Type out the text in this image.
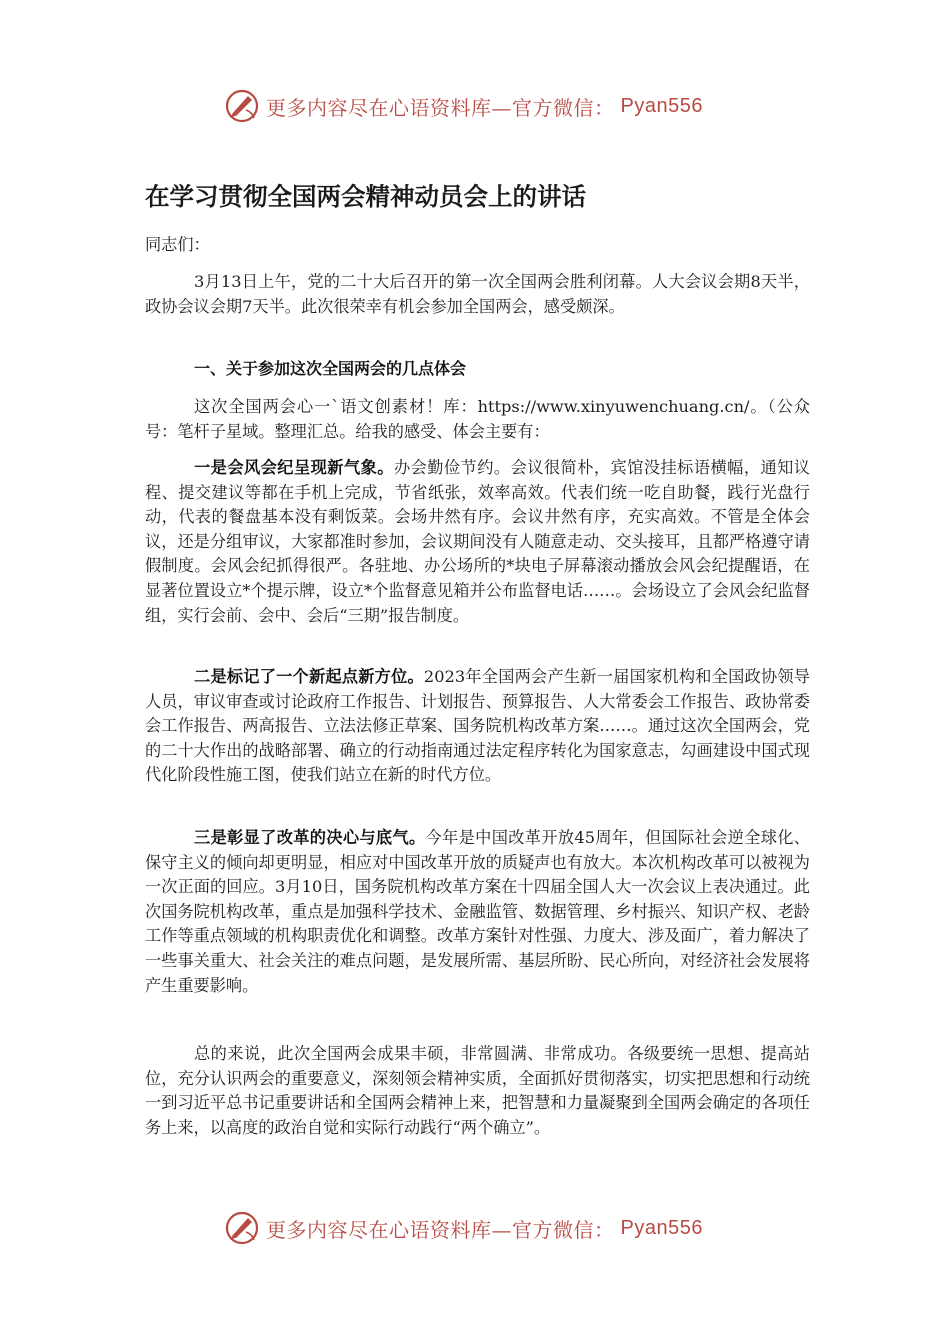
更多内容尽在心语资料库—官方微信： Pyan556
在学习贯彻全国两会精神动员会上的讲话

同志们：

3月13日上午，党的二十大后召开的第一次全国两会胜利闭幕。人大会议会期8天半，政协会议会期7天半。此次很荣幸有机会参加全国两会，感受颇深。

一、关于参加这次全国两会的几点体会

这次全国两会心一`语文创素材！库：https://www.xinyuwenchuang.cn/。（公众号：笔杆子星域。整理汇总。给我的感受、体会主要有：

一是会风会纪呈现新气象。办会勤俭节约。会议很简朴，宾馆没挂标语横幅，通知议程、提交建议等都在手机上完成，节省纸张，效率高效。代表们统一吃自助餐，践行光盘行动，代表的餐盘基本没有剩饭菜。会场井然有序。会议井然有序，充实高效。不管是全体会议，还是分组审议，大家都准时参加，会议期间没有人随意走动、交头接耳，且都严格遵守请假制度。会风会纪抓得很严。各驻地、办公场所的*块电子屏幕滚动播放会风会纪提醒语，在显著位置设立*个提示牌，设立*个监督意见箱并公布监督电话……。会场设立了会风会纪监督组，实行会前、会中、会后“三期”报告制度。

二是标记了一个新起点新方位。2023年全国两会产生新一届国家机构和全国政协领导人员，审议审查或讨论政府工作报告、计划报告、预算报告、人大常委会工作报告、政协常委会工作报告、两高报告、立法法修正草案、国务院机构改革方案……。通过这次全国两会，党的二十大作出的战略部署、确立的行动指南通过法定程序转化为国家意志，勾画建设中国式现代化阶段性施工图，使我们站立在新的时代方位。

三是彰显了改革的决心与底气。今年是中国改革开放45周年，但国际社会逆全球化、保守主义的倾向却更明显，相应对中国改革开放的质疑声也有放大。本次机构改革可以被视为一次正面的回应。3月10日，国务院机构改革方案在十四届全国人大一次会议上表决通过。此次国务院机构改革，重点是加强科学技术、金融监管、数据管理、乡村振兴、知识产权、老龄工作等重点领域的机构职责优化和调整。改革方案针对性强、力度大、涉及面广，着力解决了一些事关重大、社会关注的难点问题，是发展所需、基层所盼、民心所向，对经济社会发展将产生重要影响。

总的来说，此次全国两会成果丰硕，非常圆满、非常成功。各级要统一思想、提高站位，充分认识两会的重要意义，深刻领会精神实质，全面抓好贯彻落实，切实把思想和行动统一到习近平总书记重要讲话和全国两会精神上来，把智慧和力量凝聚到全国两会确定的各项任务上来，以高度的政治自觉和实际行动践行“两个确立”。

更多内容尽在心语资料库—官方微信： Pyan556
